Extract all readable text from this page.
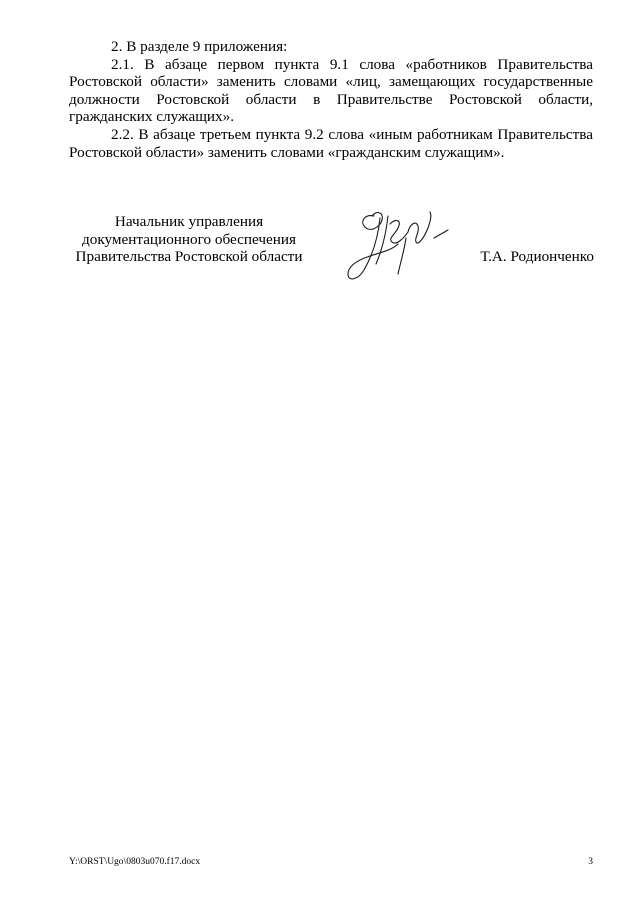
2. В разделе 9 приложения:

2.1. В абзаце первом пункта 9.1 слова «работников Правительства

Ростовской области» заменить словами «лиц, замещающих государственные

должности Ростовской области в Правительстве Ростовской области,

гражданских служащих».

2.2. В абзаце третьем пункта 9.2 слова «иным работникам Правительства

Ростовской области» заменить словами «гражданским служащим».

Начальник управления
документационного обеспечения
Правительства Ростовской области	Т.А. Родионченко
Y:\ORST\Ugo\0803u070.f17.docx	3
